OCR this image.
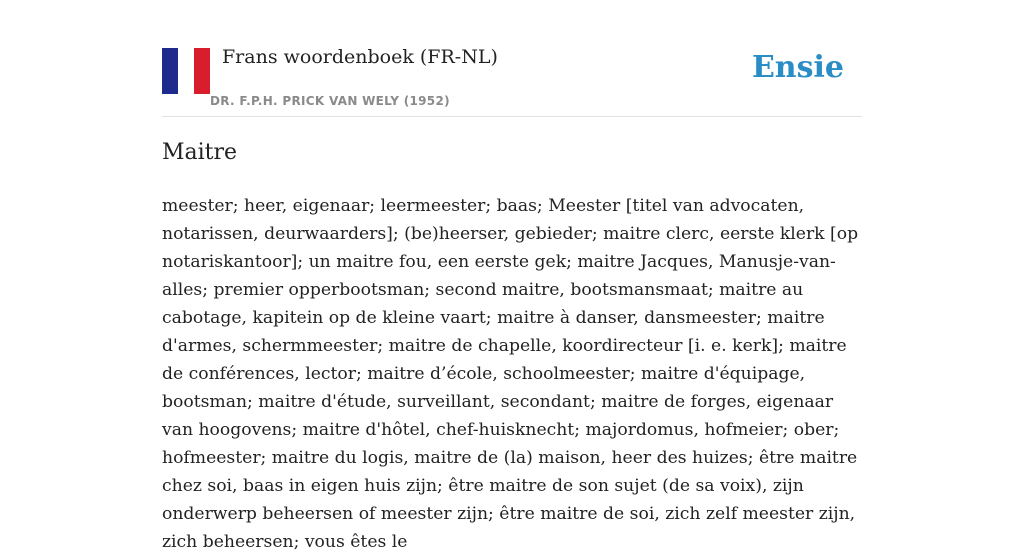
Frans woordenboek (FR-NL)
DR. F.P.H. PRICK VAN WELY (1952)
Ensie
Maitre

meester; heer, eigenaar; leermeester; baas; Meester [titel van advocaten, notarissen, deurwaarders]; (be)heerser, gebieder; maitre clerc, eerste klerk [op notariskantoor]; un maitre fou, een eerste gek; maitre Jacques, Manusje-van-alles; premier opperbootsman; second maitre, bootsmansmaat; maitre au cabotage, kapitein op de kleine vaart; maitre à danser, dansmeester; maitre d'armes, schermmeester; maitre de chapelle, koordirecteur [i. e. kerk]; maitre de conférences, lector; maitre d’école, schoolmeester; maitre d'équipage, bootsman; maitre d'étude, surveillant, secondant; maitre de forges, eigenaar van hoogovens; maitre d'hôtel, chef-huisknecht; majordomus, hofmeier; ober; hofmeester; maitre du logis, maitre de (la) maison, heer des huizes; être maitre chez soi, baas in eigen huis zijn; être maitre de son sujet (de sa voix), zijn onderwerp beheersen of meester zijn; être maitre de soi, zich zelf meester zijn, zich beheersen; vous êtes le
